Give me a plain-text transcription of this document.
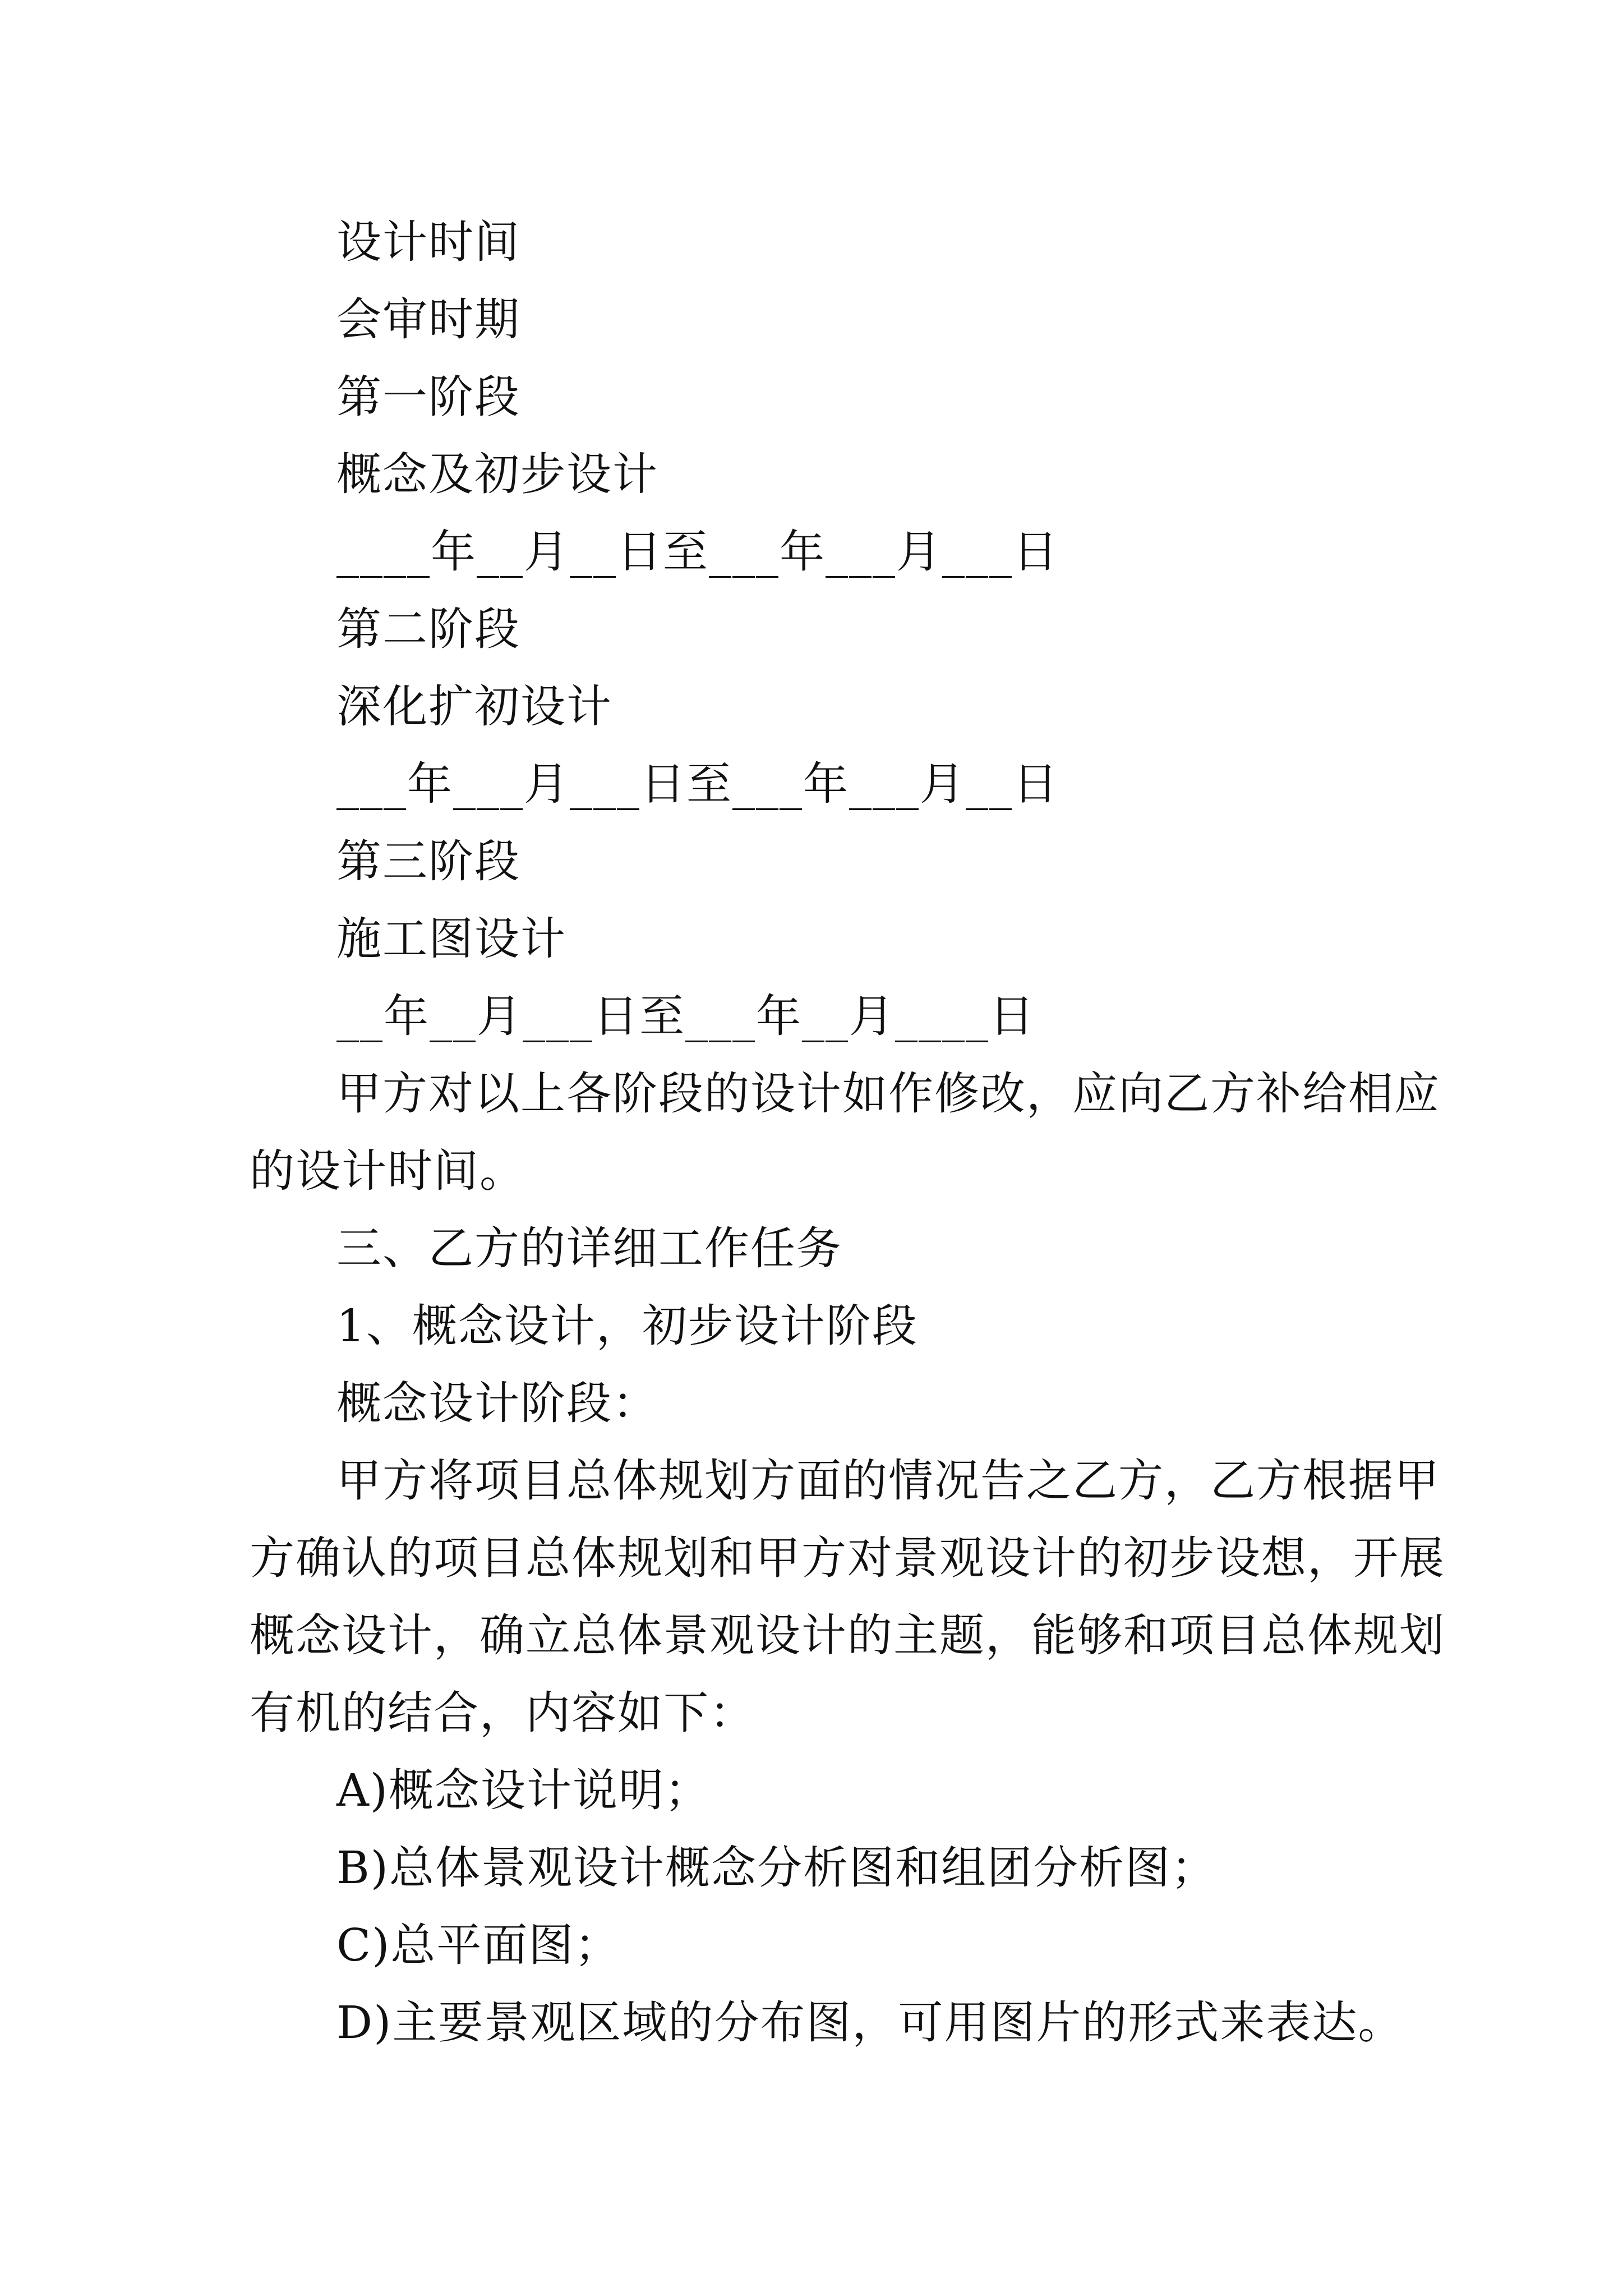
设计时间
会审时期
第一阶段
概念及初步设计
____年__月__日至___年___月___日
第二阶段
深化扩初设计
___年___月___日至___年___月__日
第三阶段
施工图设计
__年__月___日至___年__月____日
甲方对以上各阶段的设计如作修改，应向乙方补给相应
的设计时间。
三、乙方的详细工作任务
1、概念设计，初步设计阶段
概念设计阶段：
甲方将项目总体规划方面的情况告之乙方，乙方根据甲
方确认的项目总体规划和甲方对景观设计的初步设想，开展
概念设计，确立总体景观设计的主题，能够和项目总体规划
有机的结合，内容如下：
A)概念设计说明；
B)总体景观设计概念分析图和组团分析图；
C)总平面图；
D)主要景观区域的分布图，可用图片的形式来表达。
